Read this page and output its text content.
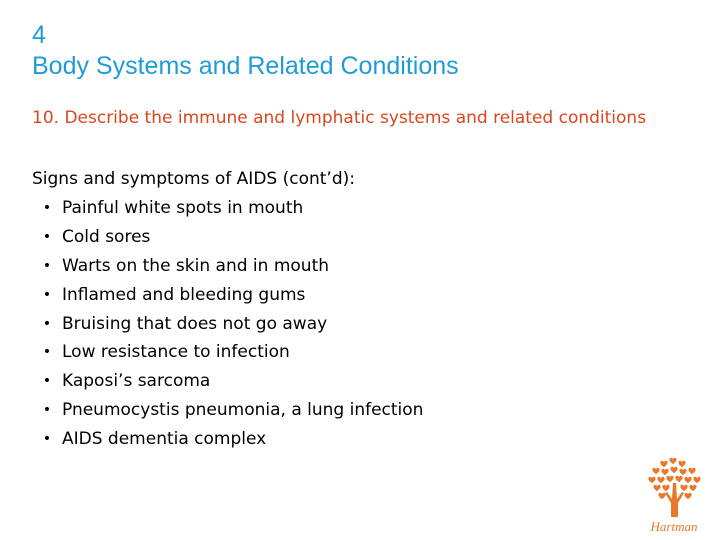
4
Body Systems and Related Conditions
10. Describe the immune and lymphatic systems and related conditions
Signs and symptoms of AIDS (cont’d):
• Painful white spots in mouth
• Cold sores
• Warts on the skin and in mouth
• Inflamed and bleeding gums
• Bruising that does not go away
• Low resistance to infection
• Kaposi’s sarcoma
• Pneumocystis pneumonia, a lung infection
• AIDS dementia complex
Hartman
